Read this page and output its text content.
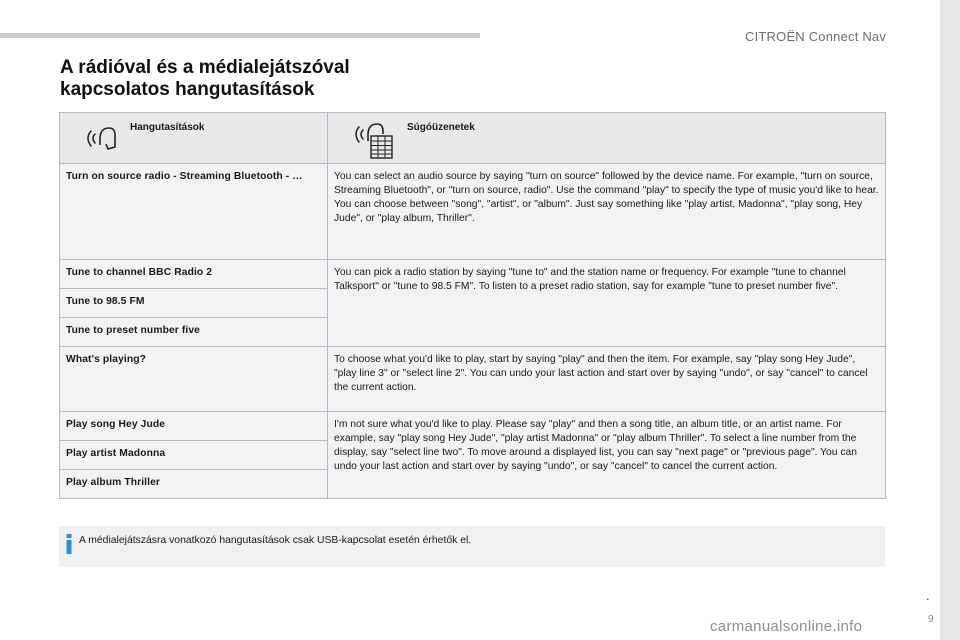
CITROËN Connect Nav
A rádióval és a médialejátszóval
kapcsolatos hangutasítások
Hangutasítások	Súgóüzenetek

Turn on source radio - Streaming Bluetooth - …	You can select an audio source by saying "turn on source" followed by the device name. For example, "turn on source, Streaming Bluetooth", or "turn on source, radio". Use the command "play" to specify the type of music you'd like to hear. You can choose between "song", "artist", or "album". Just say something like "play artist, Madonna", "play song, Hey Jude", or "play album, Thriller".

Tune to channel BBC Radio 2	You can pick a radio station by saying "tune to" and the station name or frequency. For example "tune to channel Talksport" or "tune to 98.5 FM". To listen to a preset radio station, say for example "tune to preset number five".

Tune to 98.5 FM	

Tune to preset number five	

What's playing?	To choose what you'd like to play, start by saying "play" and then the item. For example, say "play song Hey Jude", "play line 3" or "select line 2". You can undo your last action and start over by saying "undo", or say "cancel" to cancel the current action.

Play song Hey Jude	I'm not sure what you'd like to play. Please say "play" and then a song title, an album title, or an artist name. For example, say "play song Hey Jude", "play artist Madonna" or "play album Thriller". To select a line number from the display, say "select line two". To move around a displayed list, you can say "next page" or "previous page". You can undo your last action and start over by saying "undo", or say "cancel" to cancel the current action.

Play artist Madonna	

Play album Thriller	
A médialejátszásra vonatkozó hangutasítások csak USB-kapcsolat esetén érhetők el.
.
9
carmanualsonline.info
